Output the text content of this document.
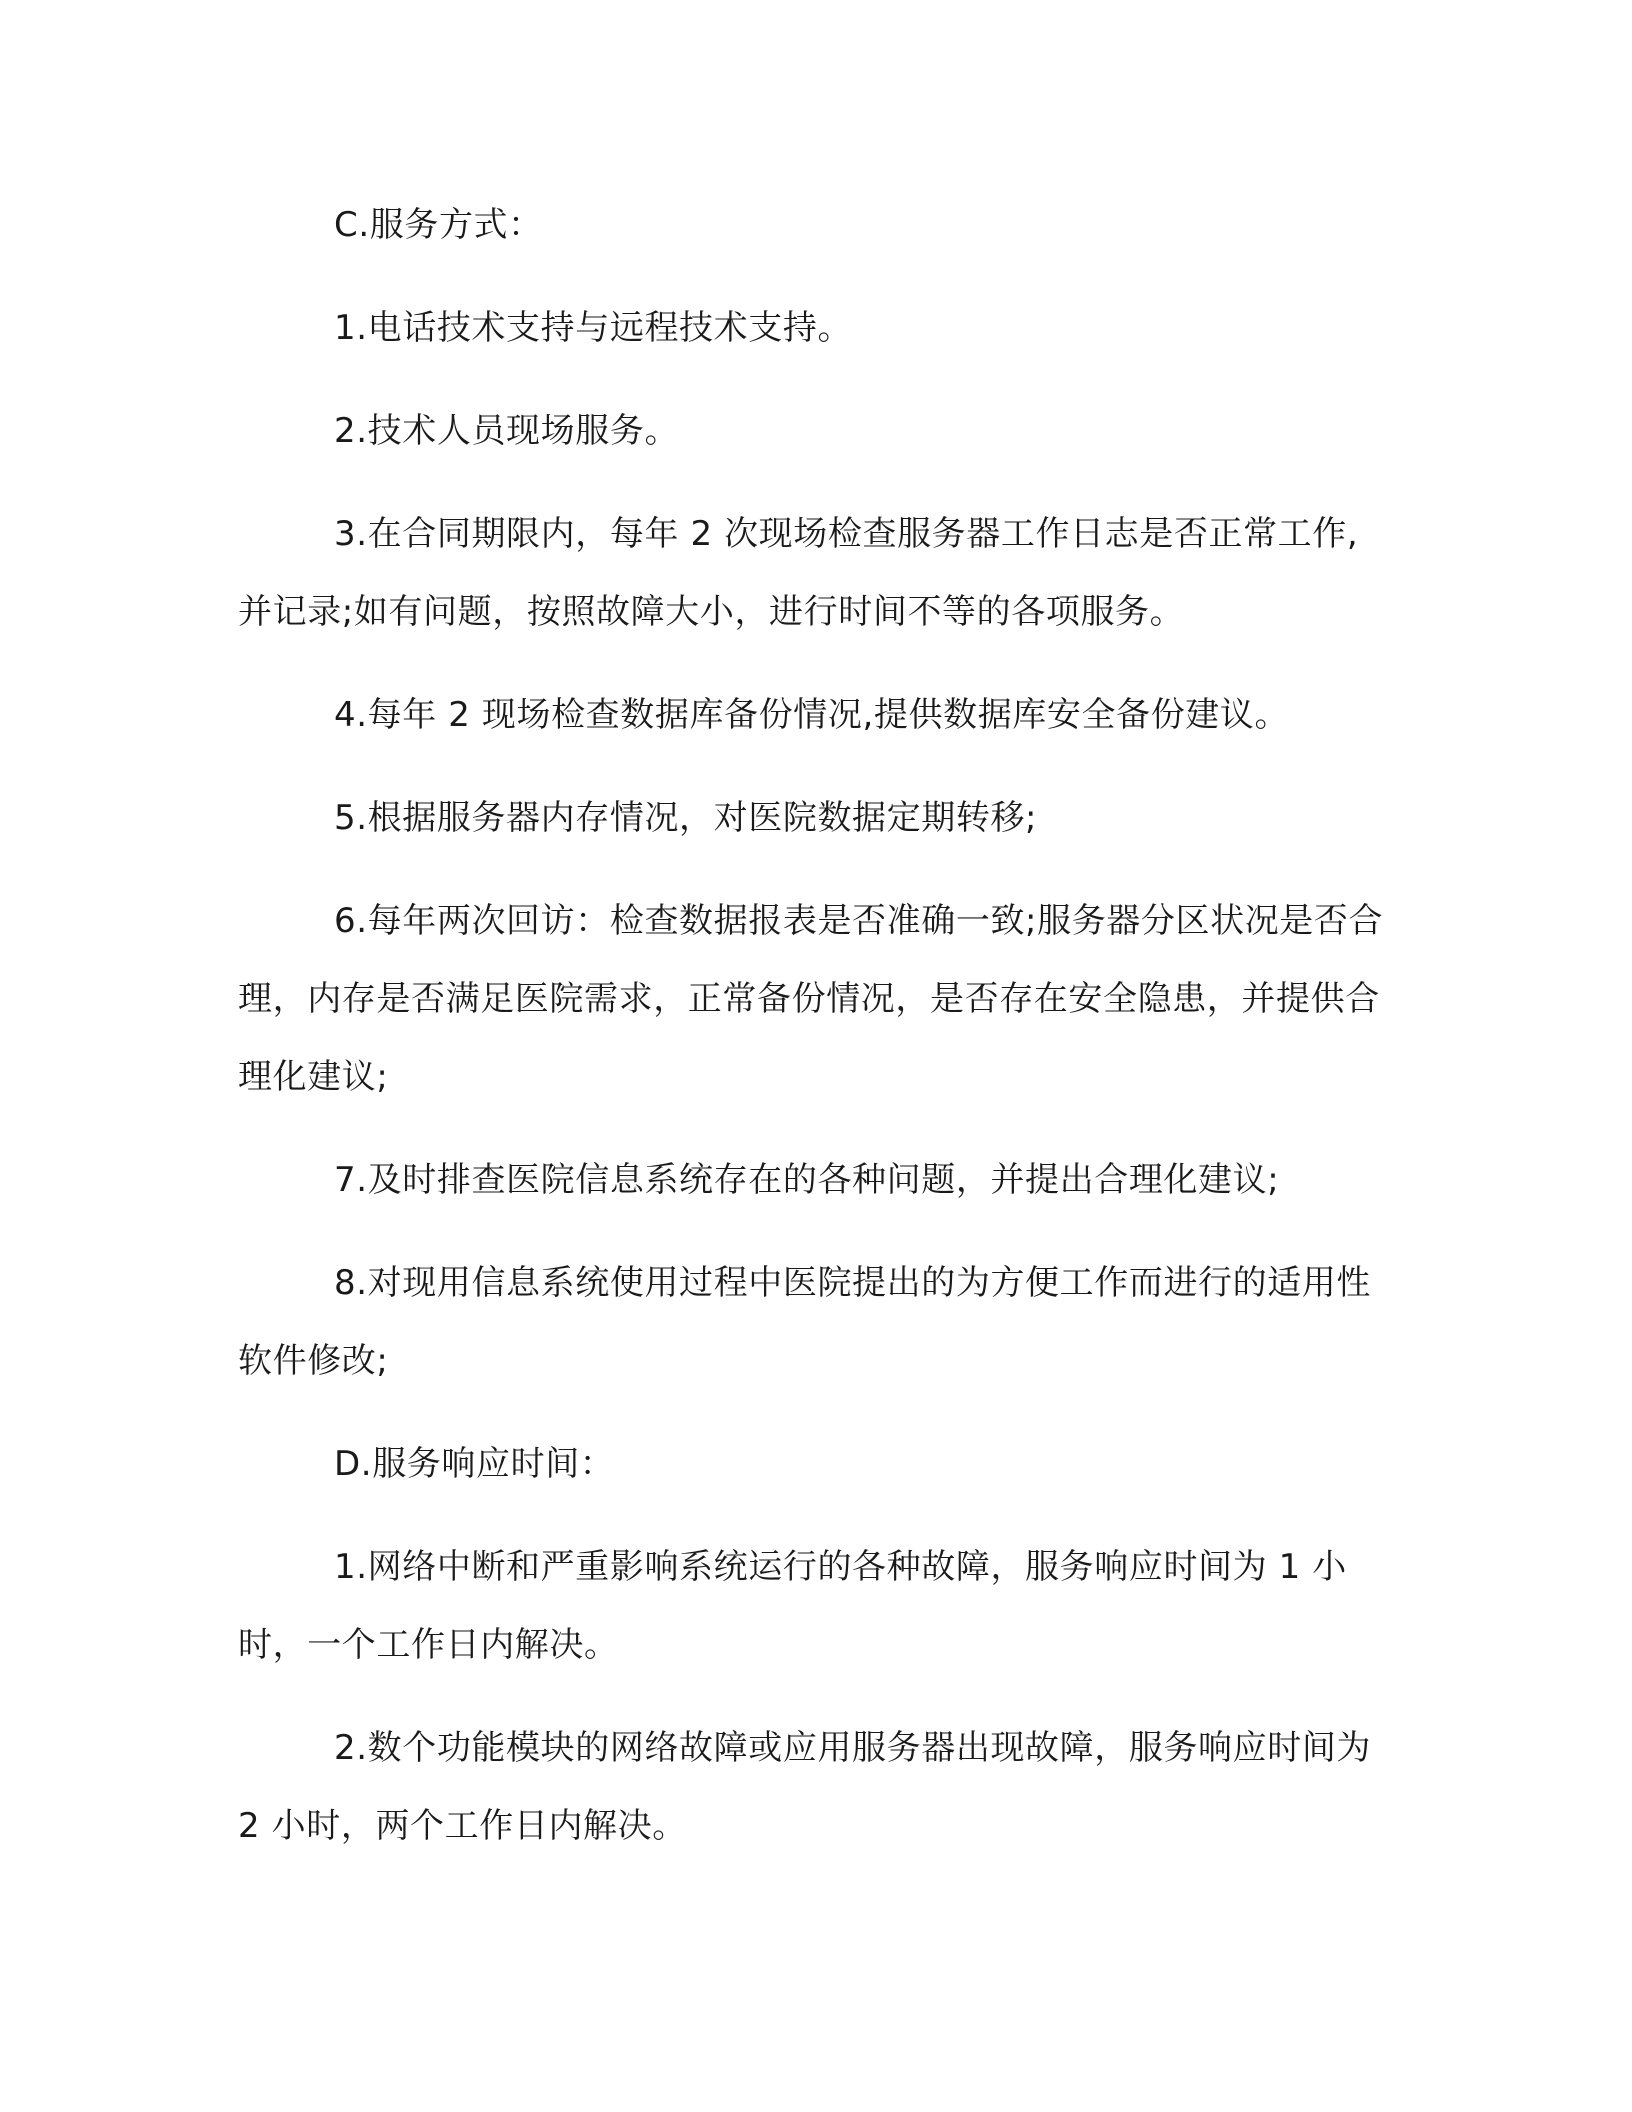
C.服务方式：

1.电话技术支持与远程技术支持。

2.技术人员现场服务。

3.在合同期限内，每年 2 次现场检查服务器工作日志是否正常工作,并记录;如有问题，按照故障大小，进行时间不等的各项服务。

4.每年 2 现场检查数据库备份情况,提供数据库安全备份建议。

5.根据服务器内存情况，对医院数据定期转移;

6.每年两次回访：检查数据报表是否准确一致;服务器分区状况是否合理，内存是否满足医院需求，正常备份情况，是否存在安全隐患，并提供合理化建议;

7.及时排查医院信息系统存在的各种问题，并提出合理化建议;

8.对现用信息系统使用过程中医院提出的为方便工作而进行的适用性软件修改;

D.服务响应时间：

1.网络中断和严重影响系统运行的各种故障，服务响应时间为 1 小时，一个工作日内解决。

2.数个功能模块的网络故障或应用服务器出现故障，服务响应时间为 2 小时，两个工作日内解决。
